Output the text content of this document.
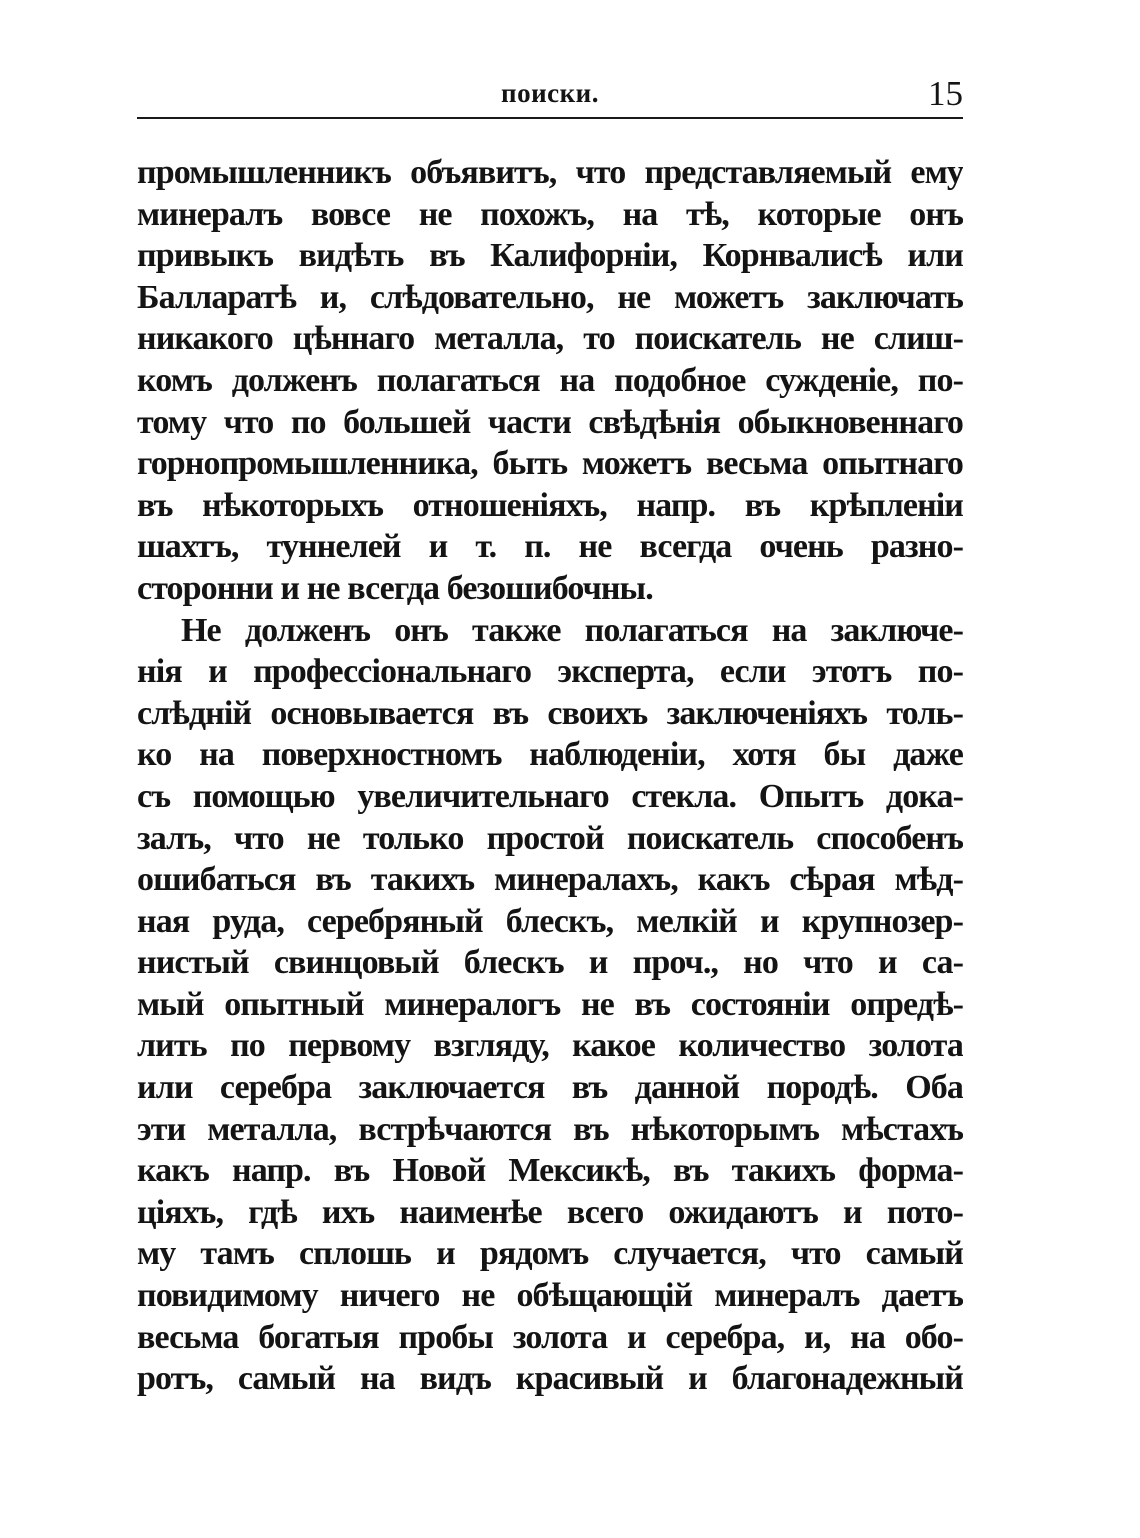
поиски.	15
промышленникъ объявитъ, что представляемый ему
минералъ вовсе не похожъ, на тѣ, которые онъ
привыкъ видѣть въ Калифорніи, Корнвалисѣ или
Балларатѣ и, слѣдовательно, не можетъ заключать
никакого цѣннаго металла, то поискатель не слиш-
комъ долженъ полагаться на подобное сужденіе, по-
тому что по большей части свѣдѣнія обыкновеннаго
горнопромышленника, быть можетъ весьма опытнаго
въ нѣкоторыхъ отношеніяхъ, напр. въ крѣпленіи
шахтъ, туннелей и т. п. не всегда очень разно-
сторонни и не всегда безошибочны.
Не долженъ онъ также полагаться на заключе-
нія и профессіональнаго эксперта, если этотъ по-
слѣдній основывается въ своихъ заключеніяхъ толь-
ко на поверхностномъ наблюденіи, хотя бы даже
съ помощью увеличительнаго стекла. Опытъ дока-
залъ, что не только простой поискатель способенъ
ошибаться въ такихъ минералахъ, какъ сѣрая мѣд-
ная руда, серебряный блескъ, мелкій и крупнозер-
нистый свинцовый блескъ и проч., но что и са-
мый опытный минералогъ не въ состояніи опредѣ-
лить по первому взгляду, какое количество золота
или серебра заключается въ данной породѣ. Оба
эти металла, встрѣчаются въ нѣкоторымъ мѣстахъ
какъ напр. въ Новой Мексикѣ, въ такихъ форма-
ціяхъ, гдѣ ихъ наименѣе всего ожидаютъ и пото-
му тамъ сплошь и рядомъ случается, что самый
повидимому ничего не обѣщающій минералъ даетъ
весьма богатыя пробы золота и серебра, и, на обо-
ротъ, самый на видъ красивый и благонадежный
